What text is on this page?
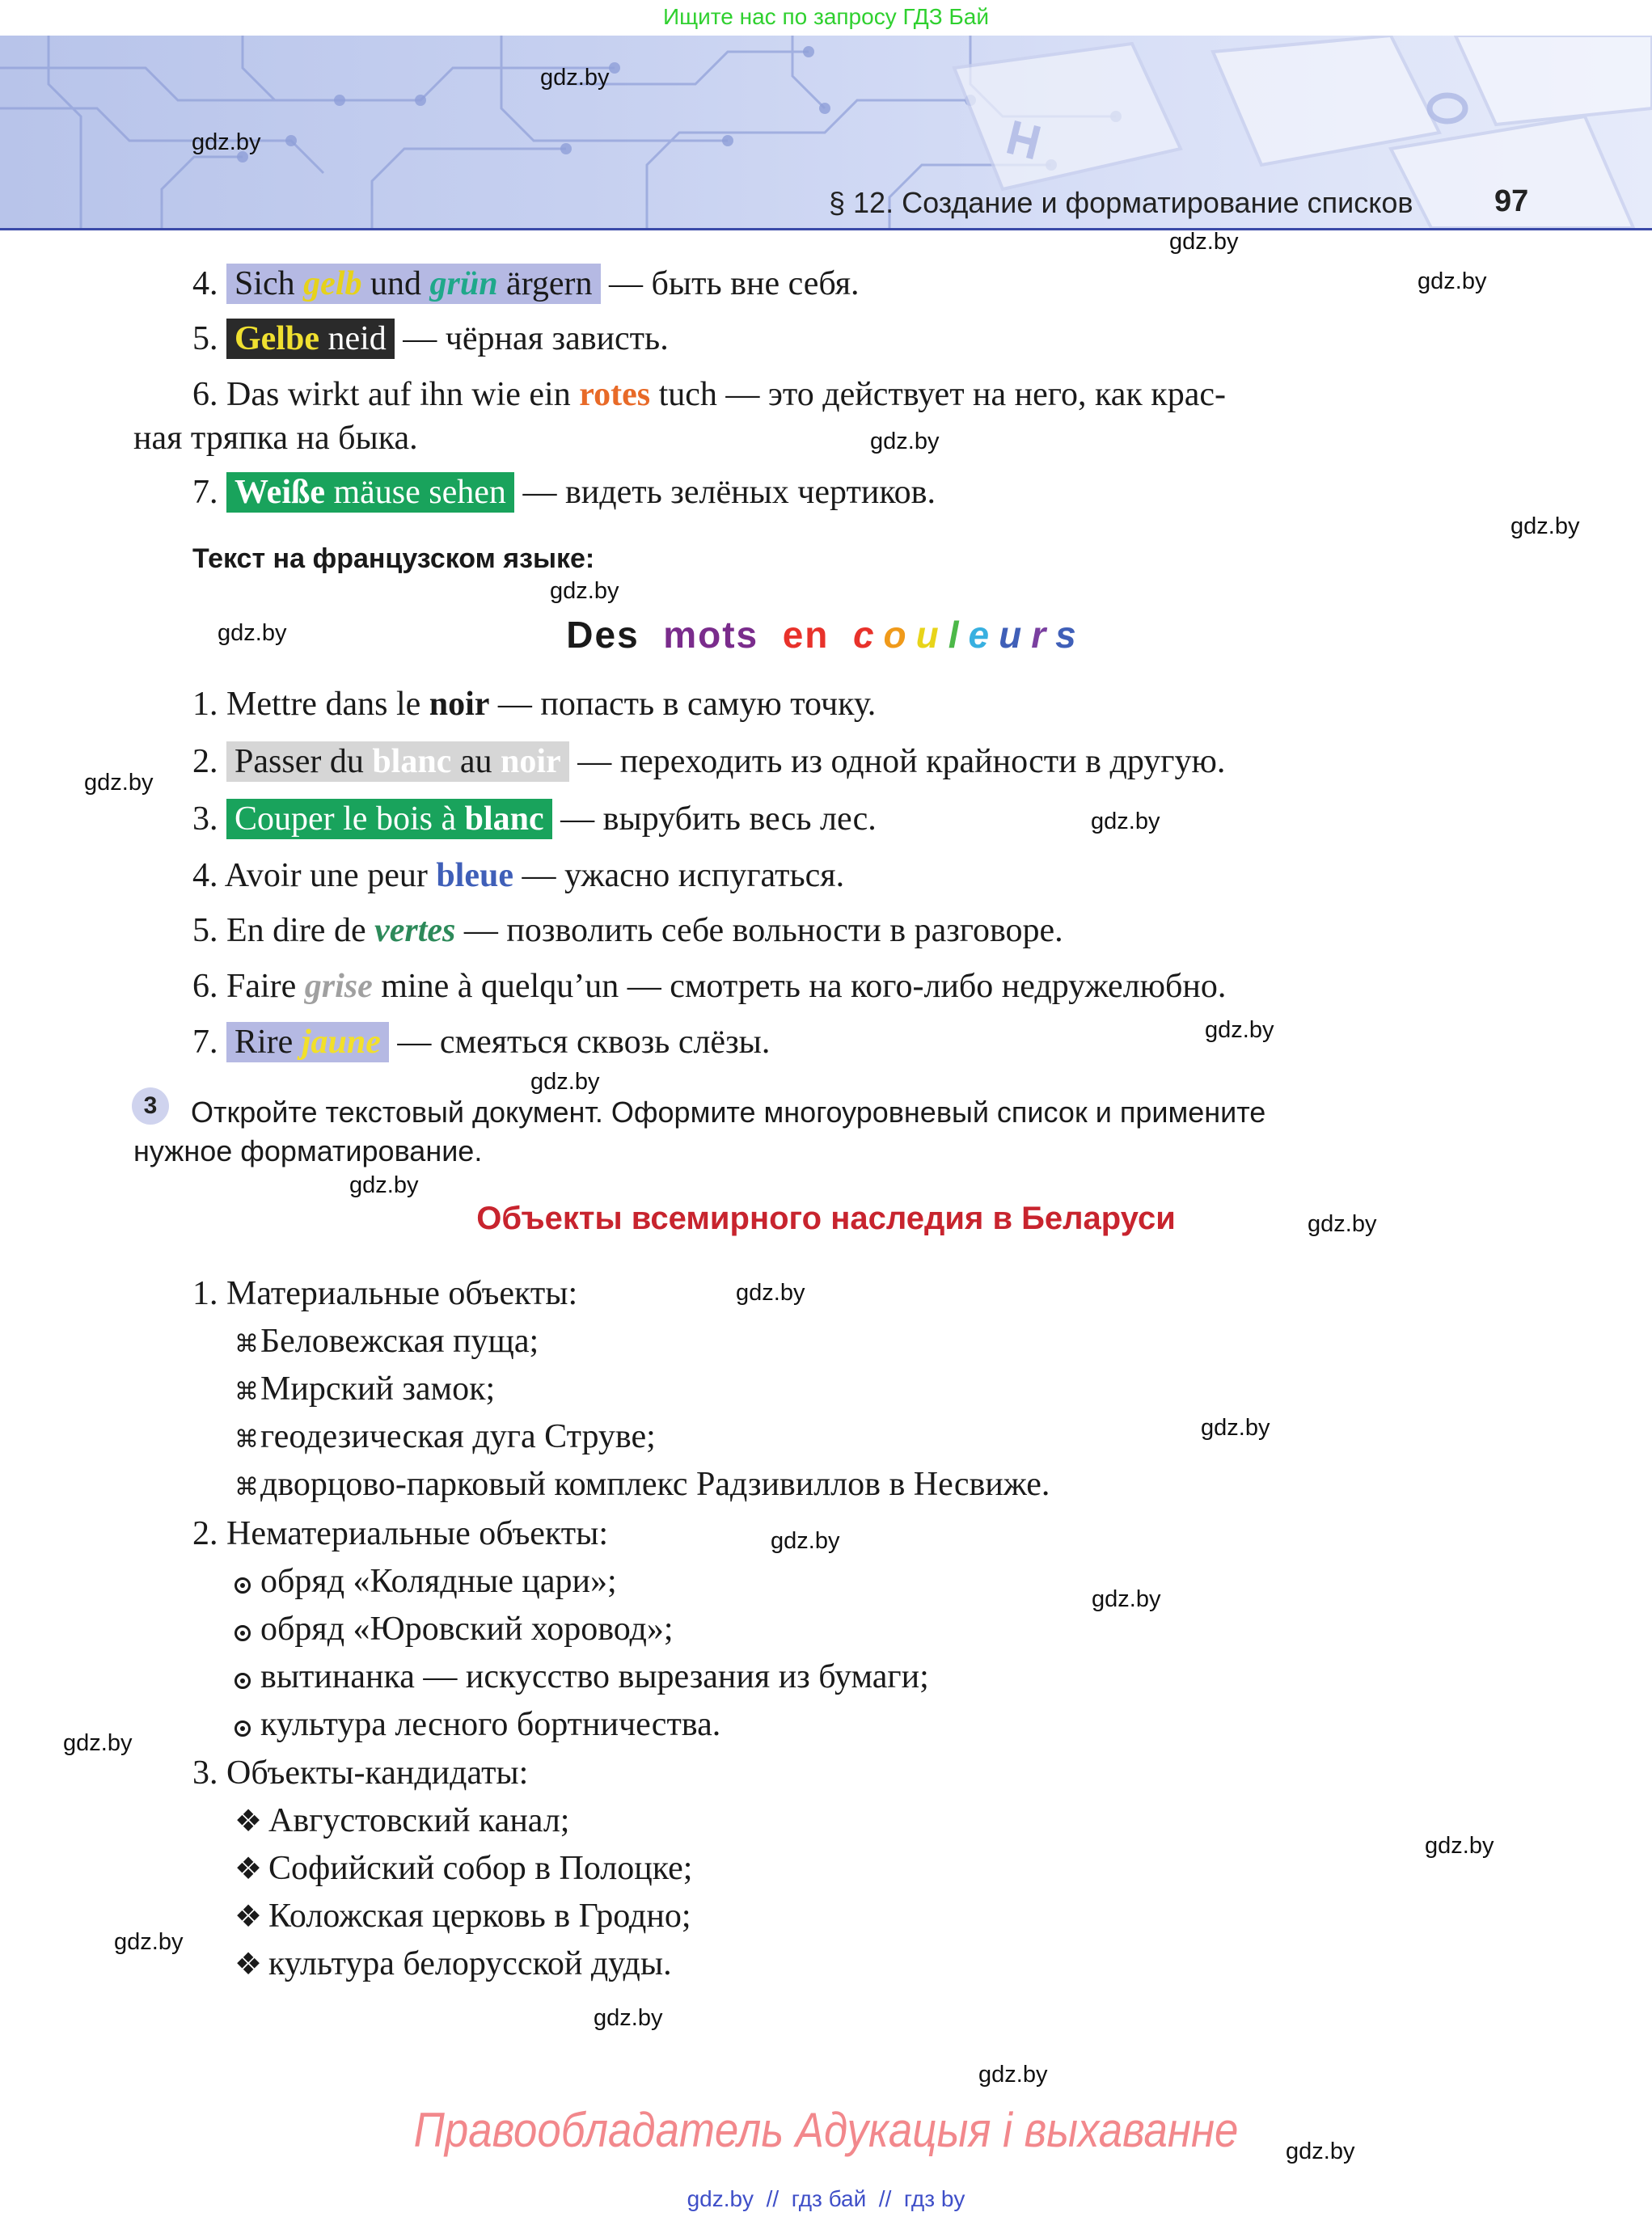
Ищите нас по запросу ГДЗ Бай
§ 12. Создание и форматирование списков	97
gdz.by
gdz.by
gdz.by
gdz.by
gdz.by
gdz.by
gdz.by
gdz.by
gdz.by
gdz.by
gdz.by
gdz.by
gdz.by
gdz.by
gdz.by
gdz.by
gdz.by
gdz.by
gdz.by
gdz.by
gdz.by
gdz.by
gdz.by
gdz.by
4. Sich gelb und grün ärgern — быть вне себя.
5. Gelbe neid — чёрная зависть.
6. Das wirkt auf ihn wie ein rotes tuch — это действует на него, как крас-
ная тряпка на быка.
7. Weiße mäuse sehen — видеть зелёных чертиков.
Текст на французском языке:
Des mots en couleurs
1. Mettre dans le noir — попасть в самую точку.
2. Passer du blanc au noir — переходить из одной крайности в другую.
3. Couper le bois à blanc — вырубить весь лес.
4. Avoir une peur bleue — ужасно испугаться.
5. En dire de vertes — позволить себе вольности в разговоре.
6. Faire grise mine à quelqu’un — смотреть на кого-либо недружелюбно.
7. Rire jaune — смеяться сквозь слёзы.
3	Откройте текстовый документ. Оформите многоуровневый список и примените
нужное форматирование.
Объекты всемирного наследия в Беларуси
1. Материальные объекты:
⌘Беловежская пуща;
⌘Мирский замок;
⌘геодезическая дуга Струве;
⌘дворцово-парковый комплекс Радзивиллов в Несвиже.
2. Нематериальные объекты:
обряд «Колядные цари»;
обряд «Юровский хоровод»;
вытинанка — искусство вырезания из бумаги;
культура лесного бортничества.
3. Объекты-кандидаты:
❖ Августовский канал;
❖ Софийский собор в Полоцке;
❖ Коложская церковь в Гродно;
❖ культура белорусской дуды.
Правообладатель Адукацыя і выхаванне
gdz.by  //  гдз бай  //  гдз by
